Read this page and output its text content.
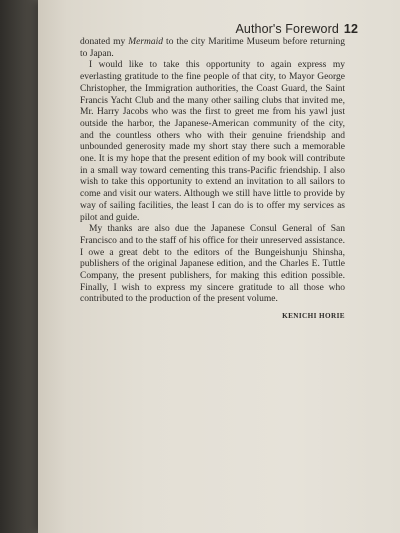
Author's Foreword 12

donated my Mermaid to the city Maritime Museum before returning to Japan.

I would like to take this opportunity to again express my everlasting gratitude to the fine people of that city, to Mayor George Christopher, the Immigration authorities, the Coast Guard, the Saint Francis Yacht Club and the many other sailing clubs that invited me, Mr. Harry Jacobs who was the first to greet me from his yawl just outside the harbor, the Japanese-American community of the city, and the countless others who with their genuine friendship and unbounded generosity made my short stay there such a memorable one. It is my hope that the present edition of my book will contribute in a small way toward cementing this trans-Pacific friendship. I also wish to take this opportunity to extend an invitation to all sailors to come and visit our waters. Although we still have little to provide by way of sailing facilities, the least I can do is to offer my services as pilot and guide.

My thanks are also due the Japanese Consul General of San Francisco and to the staff of his office for their unreserved assistance. I owe a great debt to the editors of the Bungeishunju Shinsha, publishers of the original Japanese edition, and the Charles E. Tuttle Company, the present publishers, for making this edition possible. Finally, I wish to express my sincere gratitude to all those who contributed to the production of the present volume.

KENICHI HORIE
